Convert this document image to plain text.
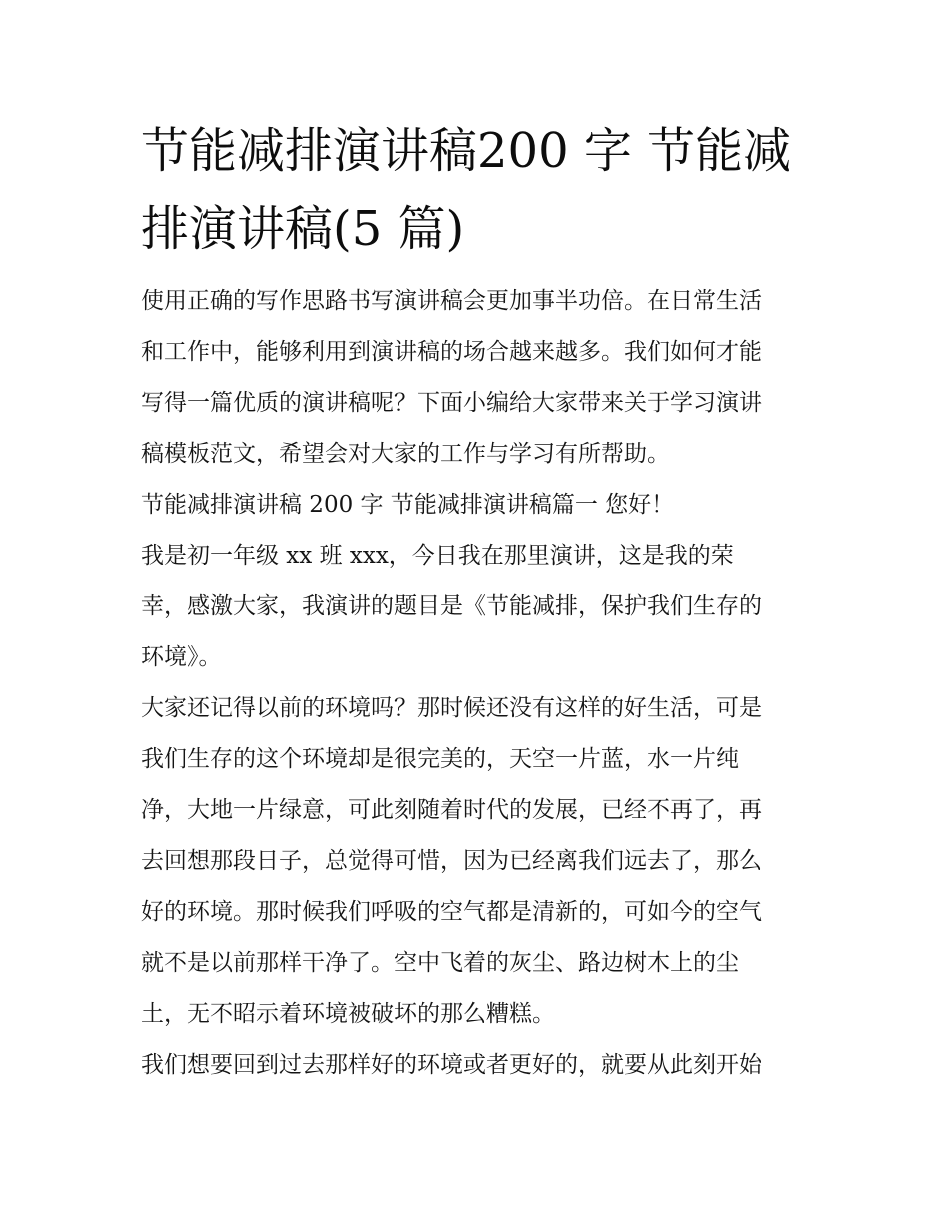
节能减排演讲稿200 字 节能减
排演讲稿(5 篇)
使用正确的写作思路书写演讲稿会更加事半功倍。在日常生活
和工作中，能够利用到演讲稿的场合越来越多。我们如何才能
写得一篇优质的演讲稿呢？下面小编给大家带来关于学习演讲
稿模板范文，希望会对大家的工作与学习有所帮助。
节能减排演讲稿 200 字 节能减排演讲稿篇一 您好！
我是初一年级 xx 班 xxx，今日我在那里演讲，这是我的荣
幸，感激大家，我演讲的题目是《节能减排，保护我们生存的
环境》。
大家还记得以前的环境吗？那时候还没有这样的好生活，可是
我们生存的这个环境却是很完美的，天空一片蓝，水一片纯
净，大地一片绿意，可此刻随着时代的发展，已经不再了，再
去回想那段日子，总觉得可惜，因为已经离我们远去了，那么
好的环境。那时候我们呼吸的空气都是清新的，可如今的空气
就不是以前那样干净了。空中飞着的灰尘、路边树木上的尘
土，无不昭示着环境被破坏的那么糟糕。
我们想要回到过去那样好的环境或者更好的，就要从此刻开始
